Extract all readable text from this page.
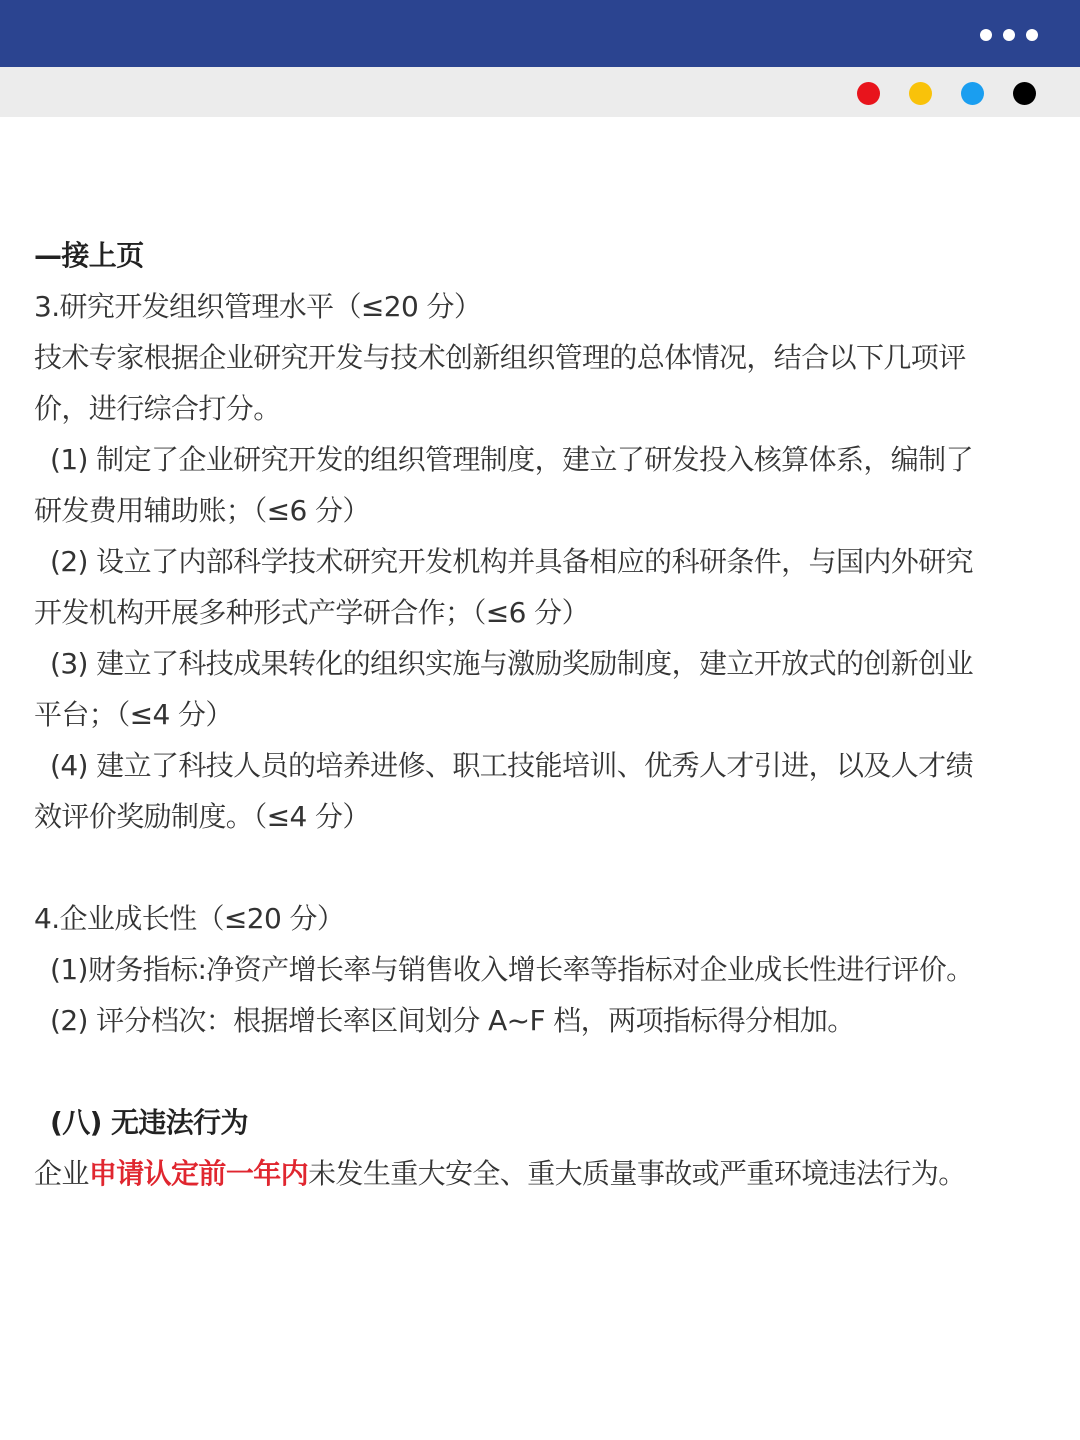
—接上页
3.研究开发组织管理水平（≤20 分）
技术专家根据企业研究开发与技术创新组织管理的总体情况，结合以下几项评
价，进行综合打分。
(1) 制定了企业研究开发的组织管理制度，建立了研发投入核算体系，编制了
研发费用辅助账；（≤6 分）
(2) 设立了内部科学技术研究开发机构并具备相应的科研条件，与国内外研究
开发机构开展多种形式产学研合作；（≤6 分）
(3) 建立了科技成果转化的组织实施与激励奖励制度，建立开放式的创新创业
平台；（≤4 分）
(4) 建立了科技人员的培养进修、职工技能培训、优秀人才引进，以及人才绩
效评价奖励制度。（≤4 分）
4.企业成长性（≤20 分）
(1)财务指标:净资产增长率与销售收入增长率等指标对企业成长性进行评价。
(2) 评分档次：根据增长率区间划分 A~F 档，两项指标得分相加。
(八) 无违法行为
企业申请认定前一年内未发生重大安全、重大质量事故或严重环境违法行为。
